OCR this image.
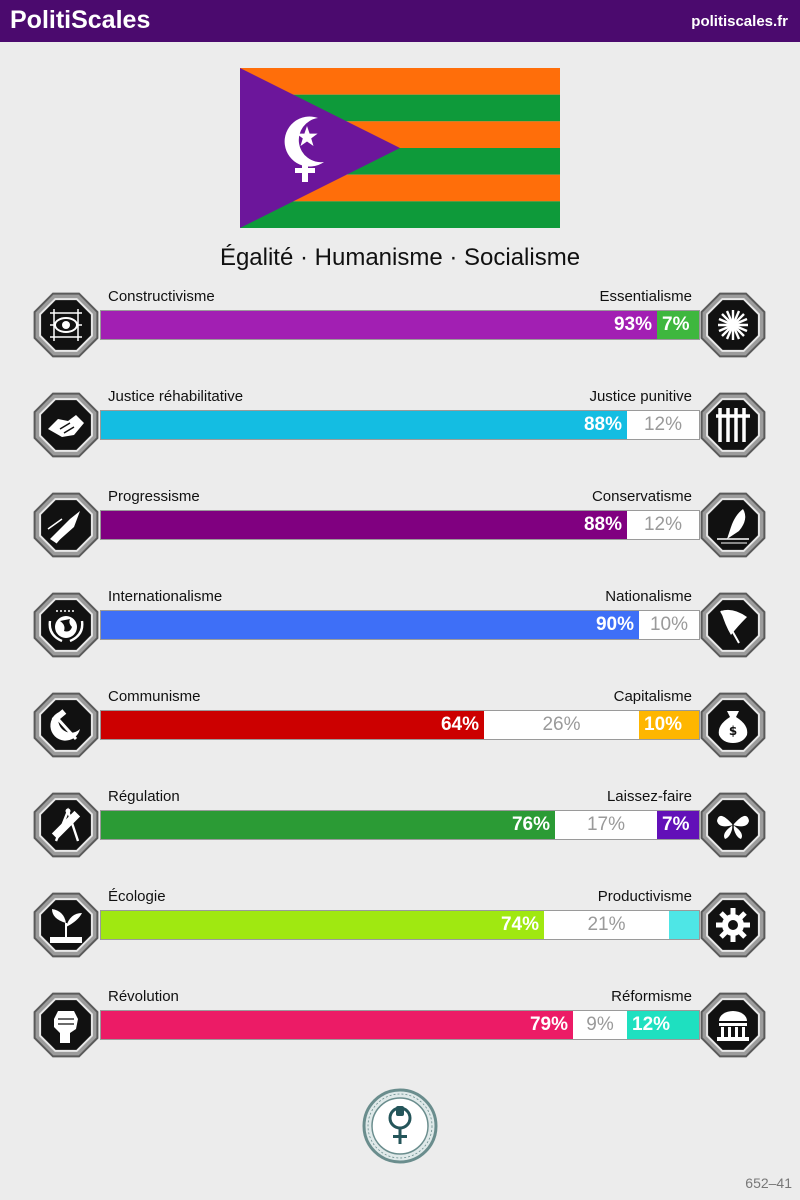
PolitiScales	politiscales.fr
Égalité · Humanisme · Socialisme
Constructivisme	Essentialisme
93% 7%
Justice réhabilitative	Justice punitive
88%	12%
Progressisme	Conservatisme
88%	12%
Internationalisme	Nationalisme
90% 10%
Communisme	Capitalisme
64%	26%	10%	$
Régulation	Laissez-faire
76%	17%	7%
Écologie	Productivisme
74%	21%
Révolution	Réformisme
79% 9% 12%
652–41
